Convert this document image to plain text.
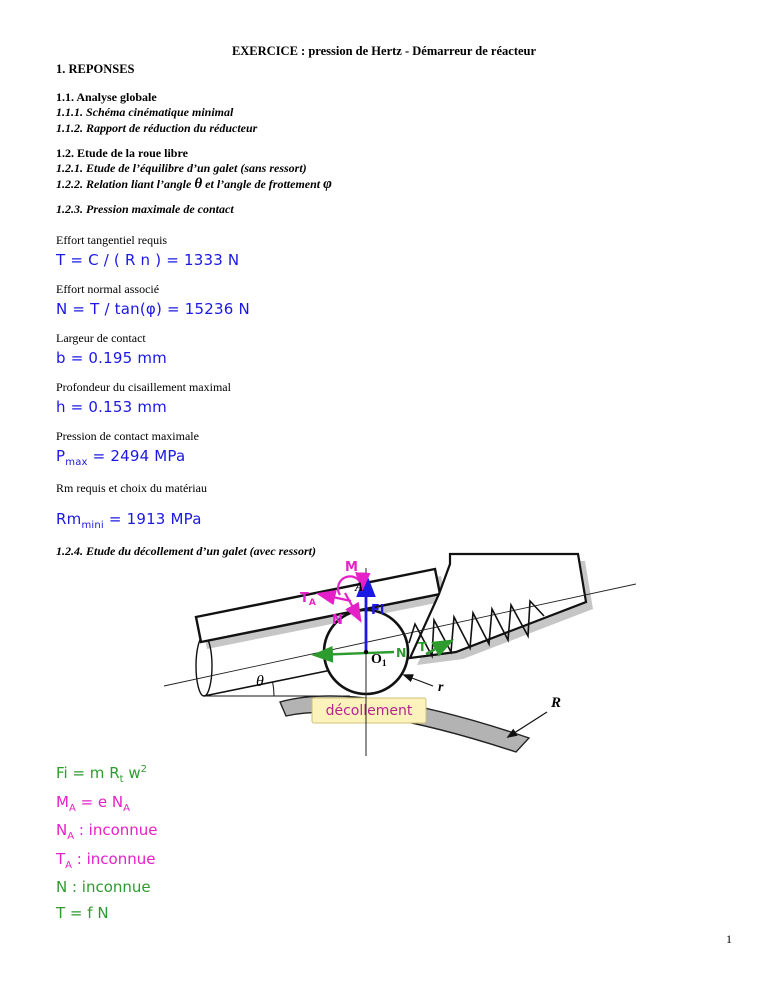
EXERCICE : pression de Hertz - Démarreur de réacteur
1. REPONSES
1.1. Analyse globale
1.1.1. Schéma cinématique minimal
1.1.2. Rapport de réduction du réducteur
1.2. Etude de la roue libre
1.2.1. Etude de l’équilibre d’un galet (sans ressort)
1.2.2. Relation liant l’angle θ et l’angle de frottement φ
1.2.3. Pression maximale de contact
Effort tangentiel requis
T = C / ( R n ) = 1333 N
Effort normal associé
N = T / tan(φ) = 15236 N
Largeur de contact
b = 0.195 mm
Profondeur du cisaillement maximal
h = 0.153 mm
Pression de contact maximale
$P_{max} = 2494$ MPa
Rm requis et choix du matériau
$Rm_{mini} = 1913$ MPa
1.2.4. Etude du décollement d’un galet (avec ressort)
décollement
r
R
Fi
M
$T_A$
N
A
N T
$O_1$
θ
Fi = m $R_t$ $w^2$
$M_A = e$ $N_A$
$N_A$ : inconnue
$T_A$ : inconnue
N : inconnue
T = f N
1
